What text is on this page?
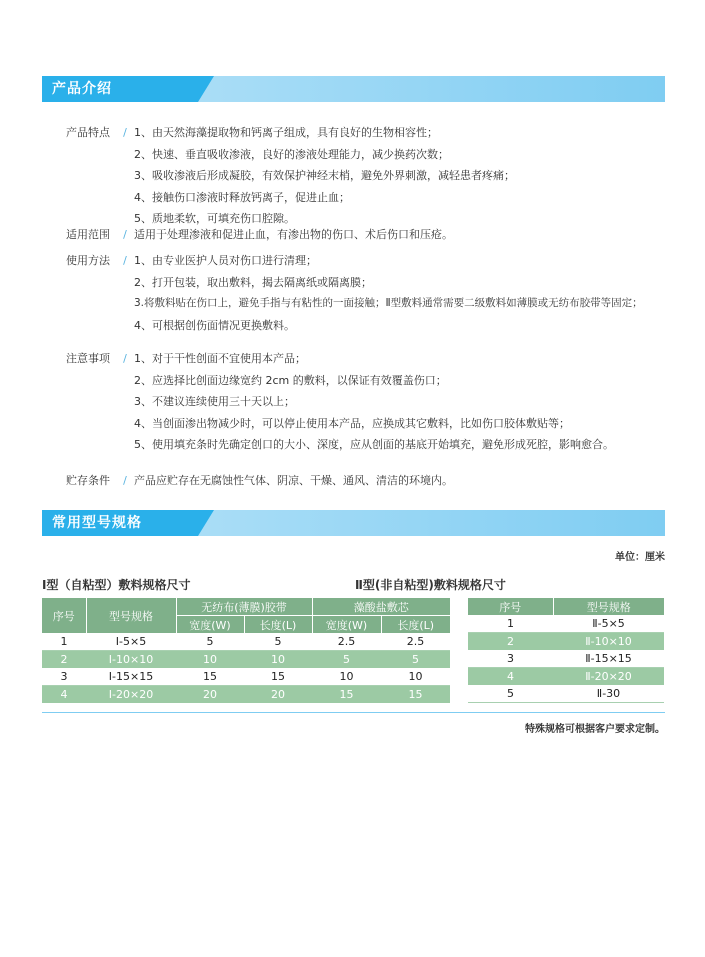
产品介绍
产品特点	/ 1、由天然海藻提取物和钙离子组成，具有良好的生物相容性；
2、快速、垂直吸收渗液，良好的渗液处理能力，减少换药次数；
3、吸收渗液后形成凝胶，有效保护神经末梢，避免外界刺激，减轻患者疼痛；
4、接触伤口渗液时释放钙离子，促进止血；
5、质地柔软，可填充伤口腔隙。
适用范围	/ 适用于处理渗液和促进止血，有渗出物的伤口、术后伤口和压疮。
使用方法	/ 1、由专业医护人员对伤口进行清理；
2、打开包装，取出敷料，揭去隔离纸或隔离膜；
3.将敷料贴在伤口上，避免手指与有粘性的一面接触；Ⅱ型敷料通常需要二级敷料如薄膜或无纺布胶带等固定；
4、可根据创伤面情况更换敷料。
注意事项	/ 1、对于干性创面不宜使用本产品；
2、应选择比创面边缘宽约 2cm 的敷料，以保证有效覆盖伤口；
3、不建议连续使用三十天以上；
4、当创面渗出物减少时，可以停止使用本产品，应换成其它敷料，比如伤口胶体敷贴等；
5、使用填充条时先确定创口的大小、深度，应从创面的基底开始填充，避免形成死腔，影响愈合。
贮存条件	/ 产品应贮存在无腐蚀性气体、阴凉、干燥、通风、清洁的环境内。
常用型号规格
单位：厘米
Ⅰ型（自粘型）敷料规格尺寸	Ⅱ型(非自粘型)敷料规格尺寸
序号	型号规格	无纺布(薄膜)胶带		藻酸盐敷芯	
		宽度(W)	长度(L)	宽度(W)	长度(L)
1	Ⅰ-5×5	5	5	2.5	2.5
2	Ⅰ-10×10	10	10	5	5
3	Ⅰ-15×15	15	15	10	10
4	Ⅰ-20×20	20	20	15	15
序号	型号规格
1	Ⅱ-5×5
2	Ⅱ-10×10
3	Ⅱ-15×15
4	Ⅱ-20×20
5	Ⅱ-30
特殊规格可根据客户要求定制。
